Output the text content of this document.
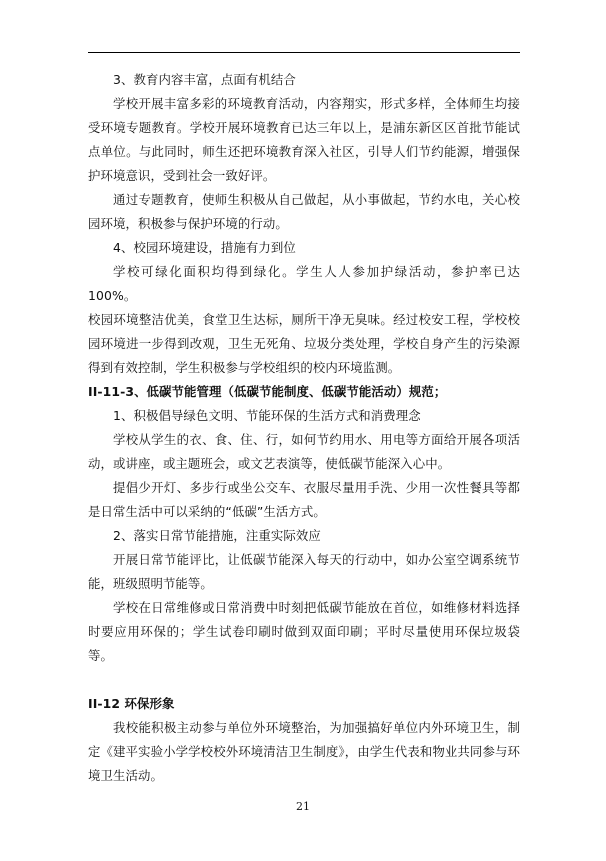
3、教育内容丰富，点面有机结合

学校开展丰富多彩的环境教育活动，内容翔实，形式多样，全体师生均接受环境专题教育。学校开展环境教育已达三年以上，是浦东新区区首批节能试点单位。与此同时，师生还把环境教育深入社区，引导人们节约能源，增强保护环境意识，受到社会一致好评。

通过专题教育，使师生积极从自己做起，从小事做起，节约水电，关心校园环境，积极参与保护环境的行动。

4、校园环境建设，措施有力到位

学校可绿化面积均得到绿化。学生人人参加护绿活动，参护率已达100%。

校园环境整洁优美，食堂卫生达标，厕所干净无臭味。经过校安工程，学校校园环境进一步得到改观，卫生无死角、垃圾分类处理，学校自身产生的污染源得到有效控制，学生积极参与学校组织的校内环境监测。

II-11-3、低碳节能管理（低碳节能制度、低碳节能活动）规范；

1、积极倡导绿色文明、节能环保的生活方式和消费理念

学校从学生的衣、食、住、行，如何节约用水、用电等方面给开展各项活动，或讲座，或主题班会，或文艺表演等，使低碳节能深入心中。

提倡少开灯、多步行或坐公交车、衣服尽量用手洗、少用一次性餐具等都是日常生活中可以采纳的“低碳”生活方式。

2、落实日常节能措施，注重实际效应

开展日常节能评比，让低碳节能深入每天的行动中，如办公室空调系统节能，班级照明节能等。

学校在日常维修或日常消费中时刻把低碳节能放在首位，如维修材料选择时要应用环保的；学生试卷印刷时做到双面印刷；平时尽量使用环保垃圾袋等。

II-12 环保形象

我校能积极主动参与单位外环境整治，为加强搞好单位内外环境卫生，制定《建平实验小学学校校外环境清洁卫生制度》，由学生代表和物业共同参与环境卫生活动。

21
